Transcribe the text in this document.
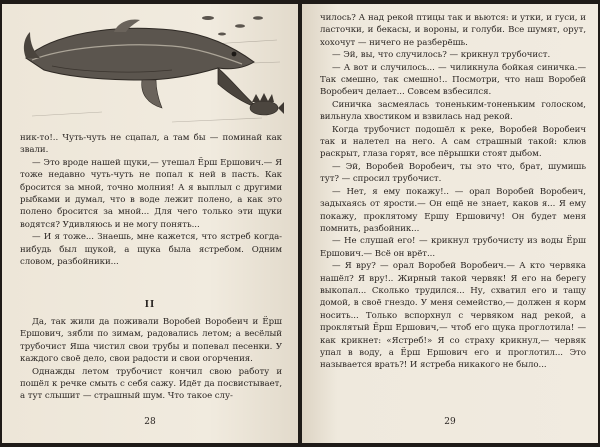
ник-то!.. Чуть-чуть не сцапал, а там бы — поминай как звали.

— Это вроде нашей щуки,— утешал Ёрш Ершович.— Я тоже недавно чуть-чуть не попал к ней в пасть. Как бросится за мной, точно молния! А я выплыл с другими рыбками и думал, что в воде лежит полено, а как это полено бросится за мной... Для чего только эти щуки водятся? Удивляюсь и не могу понять...

— И я тоже... Знаешь, мне кажется, что ястреб когда-нибудь был щукой, а щука была ястребом. Одним словом, разбойники...

II

Да, так жили да поживали Воробей Воробеич и Ёрш Ершович, зябли по зимам, радовались летом; а весёлый трубочист Яша чистил свои трубы и попевал песенки. У каждого своё дело, свои радости и свои огорчения.

Однажды летом трубочист кончил свою работу и пошёл к речке смыть с себя сажу. Идёт да посвистывает, а тут слышит — страшный шум. Что такое слу-

28

чилось? А над рекой птицы так и вьются: и утки, и гуси, и ласточки, и бекасы, и вороны, и голуби. Все шумят, орут, хохочут — ничего не разберёшь.

— Эй, вы, что случилось? — крикнул трубочист.

— А вот и случилось... — чиликнула бойкая синичка.— Так смешно, так смешно!.. Посмотри, что наш Воробей Воробеич делает... Совсем взбесился.

Синичка засмеялась тоненьким-тоненьким голоском, вильнула хвостиком и взвилась над рекой.

Когда трубочист подошёл к реке, Воробей Воробеич так и налетел на него. А сам страшный такой: клюв раскрыт, глаза горят, все пёрышки стоят дыбом.

— Эй, Воробей Воробеич, ты это что, брат, шумишь тут? — спросил трубочист.

— Нет, я ему покажу!.. — орал Воробей Воробеич, задыхаясь от ярости.— Он ещё не знает, каков я... Я ему покажу, проклятому Ершу Ершовичу! Он будет меня помнить, разбойник...

— Не слушай его! — крикнул трубочисту из воды Ёрш Ершович.— Всё он врёт...

— Я вру? — орал Воробей Воробеич.— А кто червяка нашёл? Я вру!.. Жирный такой червяк! Я его на берегу выкопал... Сколько трудился... Ну, схватил его и тащу домой, в своё гнездо. У меня семейство,— должен я корм носить... Только вспорхнул с червяком над рекой, а проклятый Ёрш Ершович,— чтоб его щука проглотила! — как крикнет: «Ястреб!» Я со страху крикнул,— червяк упал в воду, а Ёрш Ершович его и проглотил... Это называется врать?! И ястреба никакого не было...

29
